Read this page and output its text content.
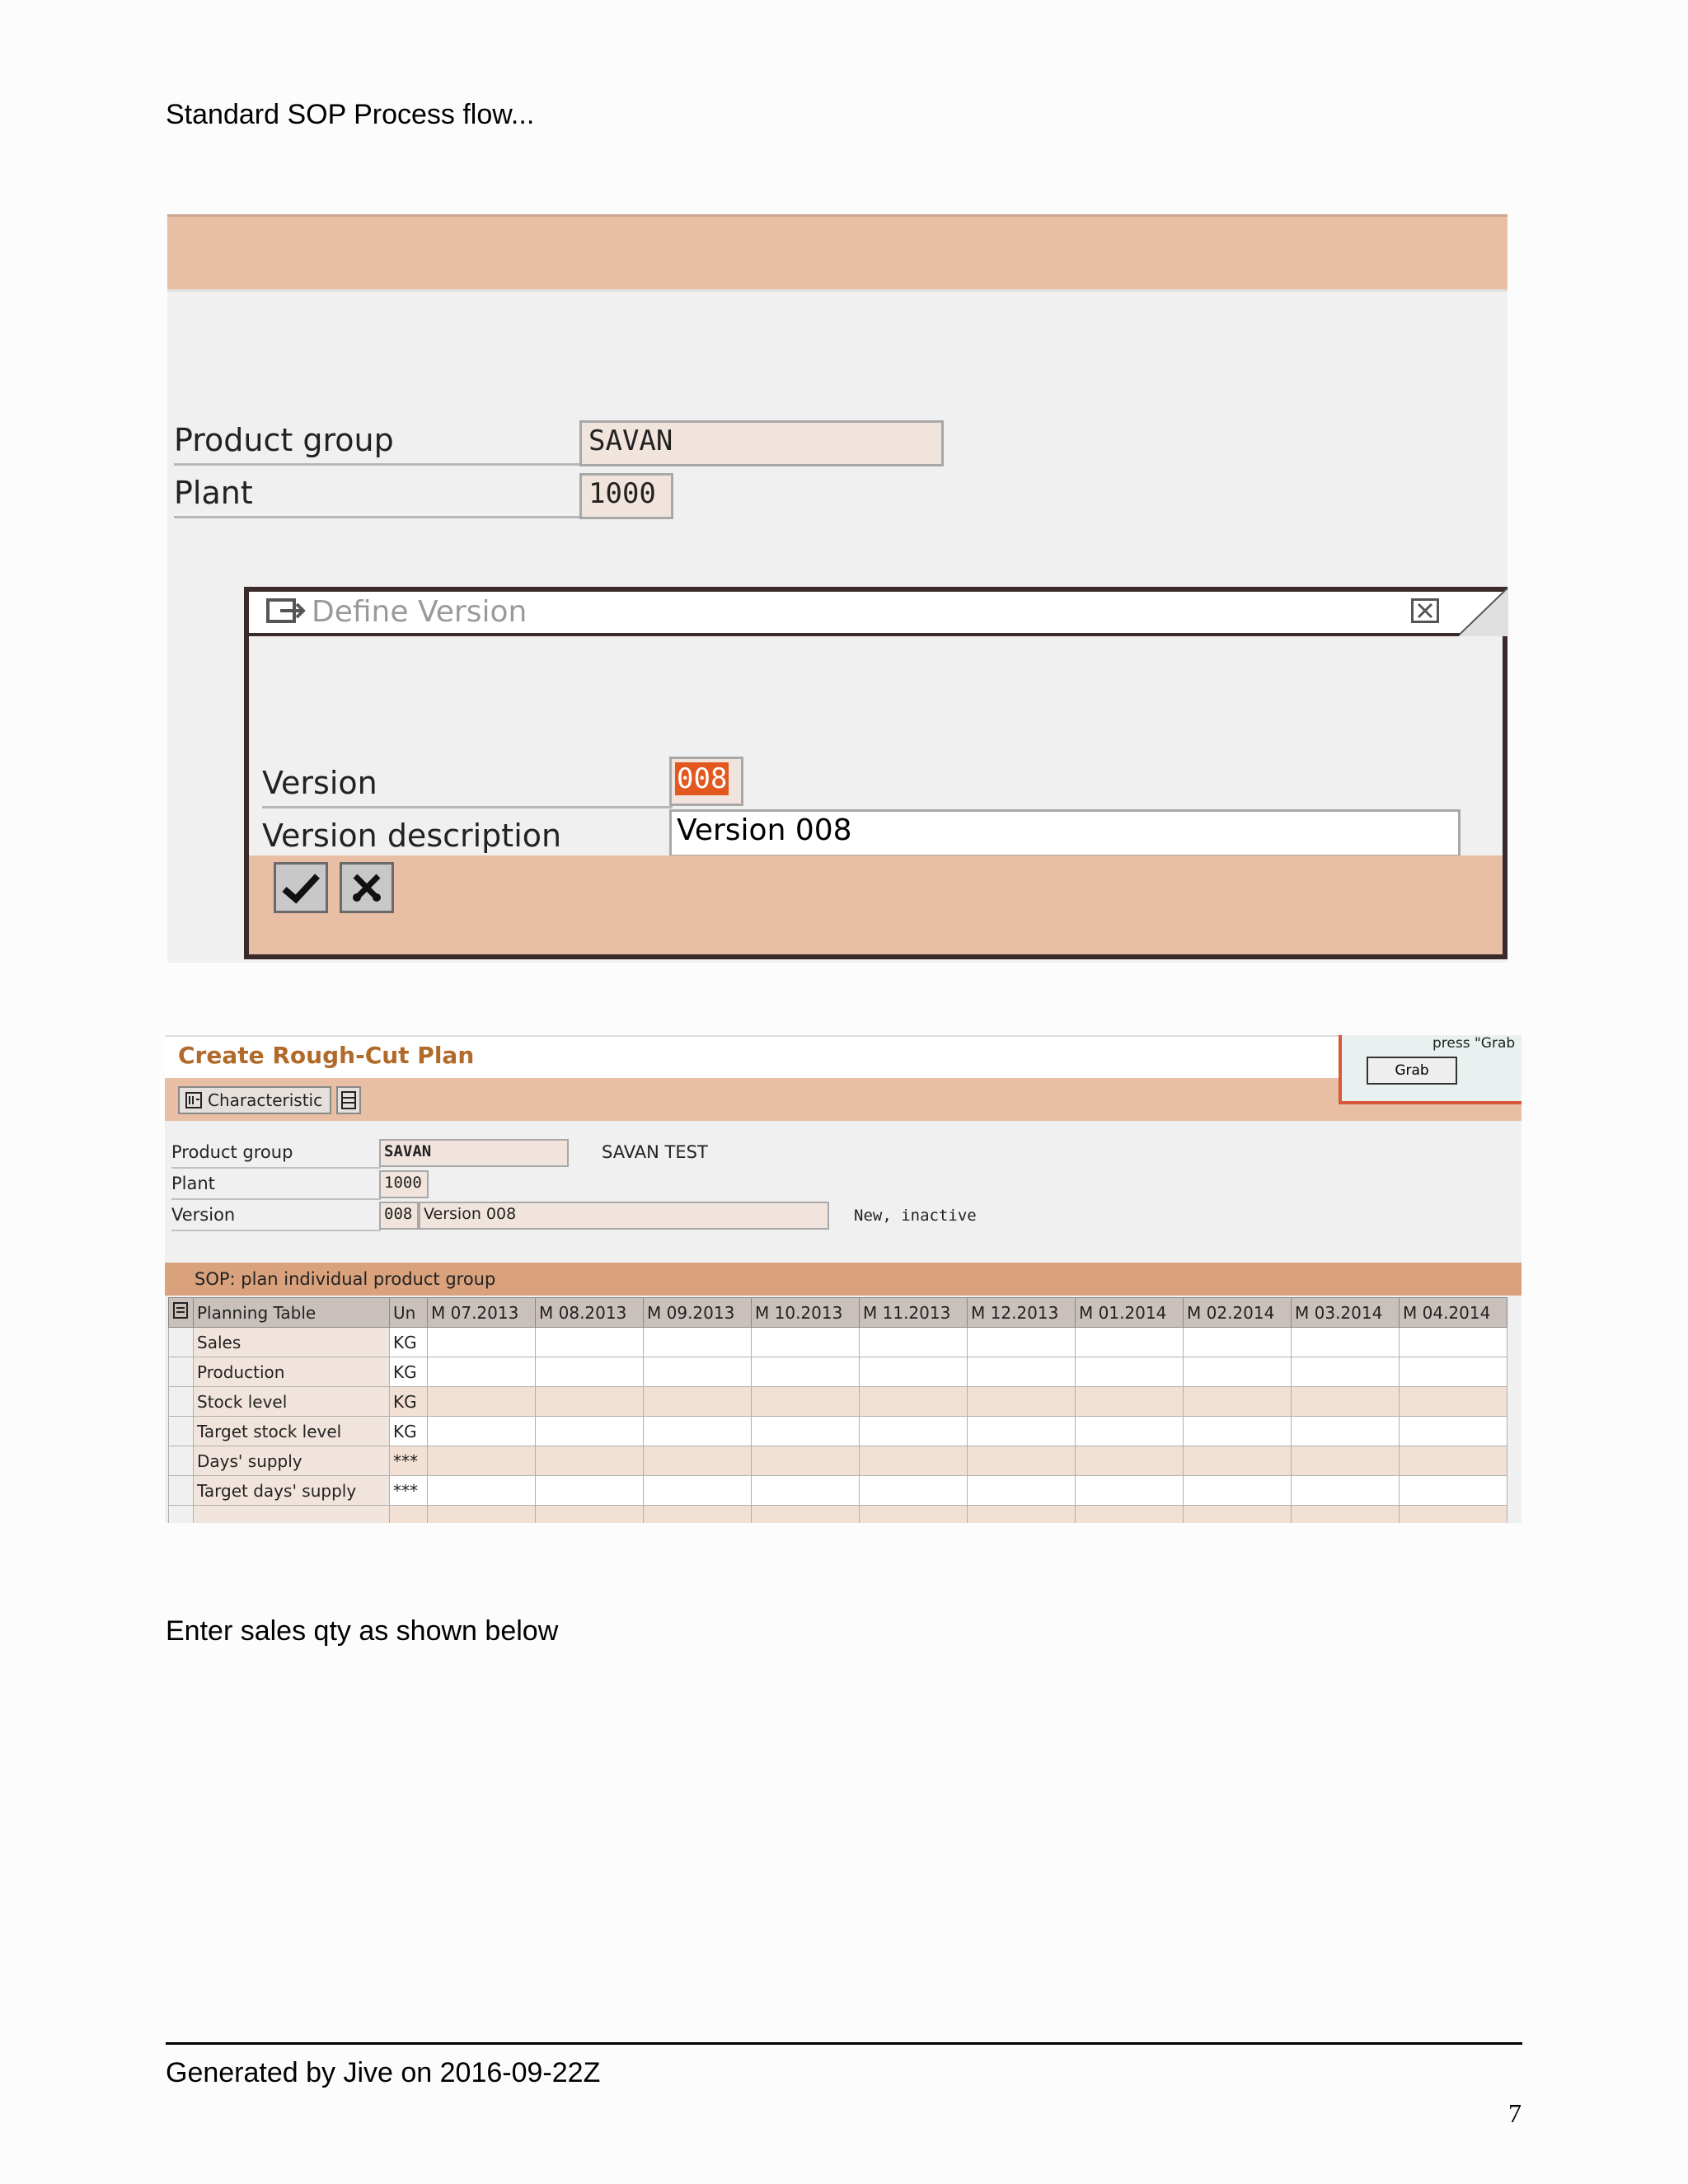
Standard SOP Process flow...
Product group	SAVAN
Plant	1000
Define Version
Version	008
Version description	Version 008
Create Rough-Cut Plan
Characteristic
press "Grab
Grab
Product group	SAVAN	SAVAN TEST
Plant	1000
Version	008 Version 008	New, inactive
SOP: plan individual product group
	Planning Table	Un	M 07.2013	M 08.2013	M 09.2013	M 10.2013	M 11.2013	M 12.2013	M 01.2014	M 02.2014	M 03.2014	M 04.2014
	Sales	KG										
	Production	KG										
	Stock level	KG										
	Target stock level	KG										
	Days' supply	***										
	Target days' supply	***										

Enter sales qty as shown below
Generated by Jive on 2016-09-22Z
7
